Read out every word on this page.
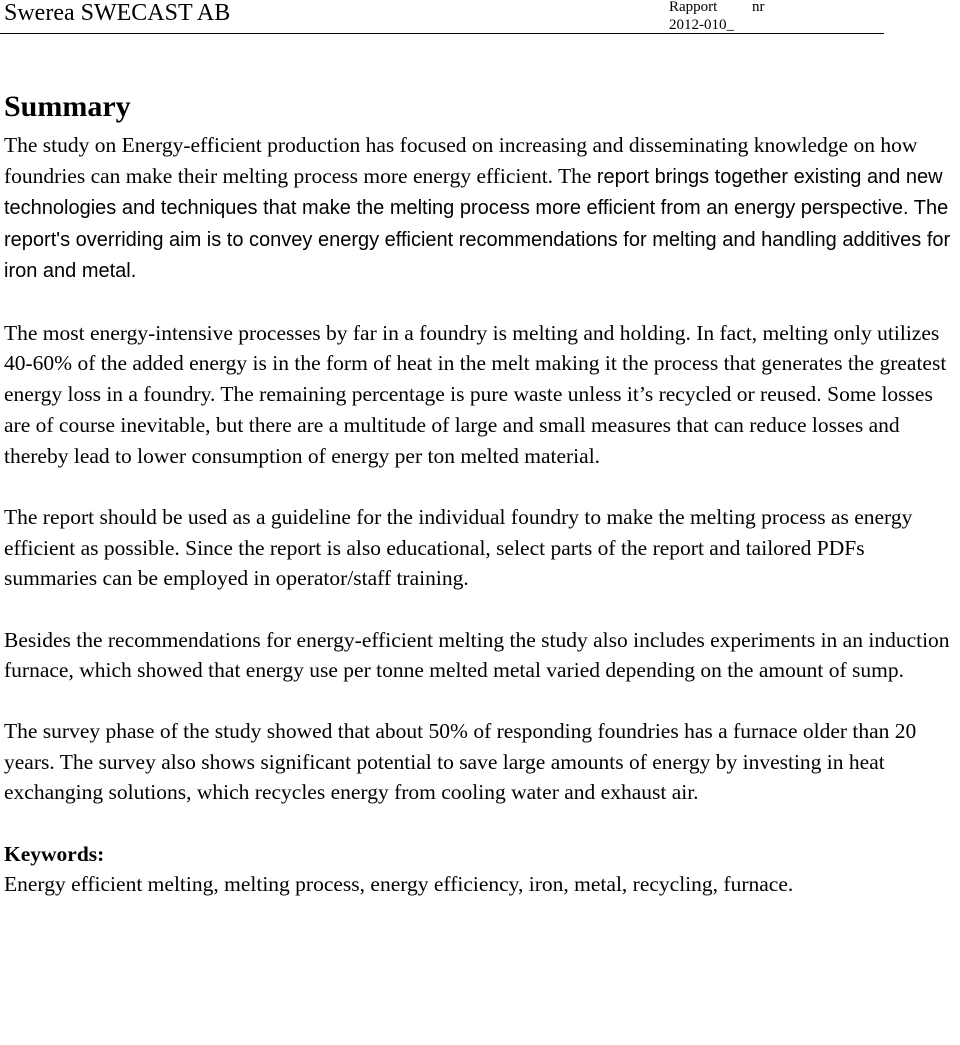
Swerea SWECAST AB	Rapport nr
2012-010_
Summary

The study on Energy-efficient production has focused on increasing and disseminating knowledge on how foundries can make their melting process more energy efficient. The report brings together existing and new technologies and techniques that make the melting process more efficient from an energy perspective. The report's overriding aim is to convey energy efficient recommendations for melting and handling additives for iron and metal.

The most energy-intensive processes by far in a foundry is melting and holding. In fact, melting only utilizes 40-60% of the added energy is in the form of heat in the melt making it the process that generates the greatest energy loss in a foundry. The remaining percentage is pure waste unless it’s recycled or reused. Some losses are of course inevitable, but there are a multitude of large and small measures that can reduce losses and thereby lead to lower consumption of energy per ton melted material.

The report should be used as a guideline for the individual foundry to make the melting process as energy efficient as possible. Since the report is also educational, select parts of the report and tailored PDFs summaries can be employed in operator/staff training.

Besides the recommendations for energy-efficient melting the study also includes experiments in an induction furnace, which showed that energy use per tonne melted metal varied depending on the amount of sump.

The survey phase of the study showed that about 50% of responding foundries has a furnace older than 20 years. The survey also shows significant potential to save large amounts of energy by investing in heat exchanging solutions, which recycles energy from cooling water and exhaust air.

Keywords:

Energy efficient melting, melting process, energy efficiency, iron, metal, recycling, furnace.
